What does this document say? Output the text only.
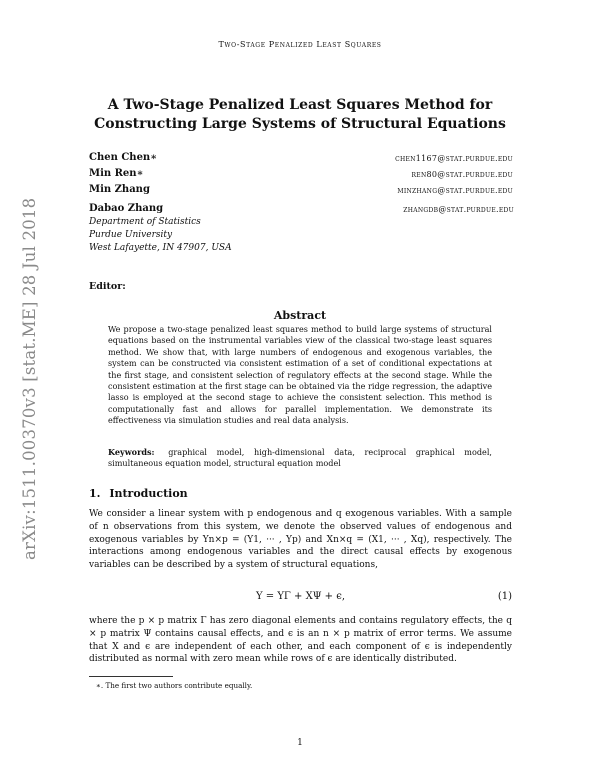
Two-Stage Penalized Least Squares
arXiv:1511.00370v3 [stat.ME] 28 Jul 2018
A Two-Stage Penalized Least Squares Method for
Constructing Large Systems of Structural Equations
Chen Chen∗	chen1167@stat.purdue.edu
Min Ren∗	ren80@stat.purdue.edu
Min Zhang	minzhang@stat.purdue.edu
Dabao Zhang	zhangdb@stat.purdue.edu
Department of Statistics
Purdue University
West Lafayette, IN 47907, USA
Editor:
Abstract
We propose a two-stage penalized least squares method to build large systems of structural equations based on the instrumental variables view of the classical two-stage least squares method. We show that, with large numbers of endogenous and exogenous variables, the system can be constructed via consistent estimation of a set of conditional expectations at the first stage, and consistent selection of regulatory effects at the second stage. While the consistent estimation at the first stage can be obtained via the ridge regression, the adaptive lasso is employed at the second stage to achieve the consistent selection. This method is computationally fast and allows for parallel implementation. We demonstrate its effectiveness via simulation studies and real data analysis.
Keywords: graphical model, high-dimensional data, reciprocal graphical model, simultaneous equation model, structural equation model
1. Introduction
We consider a linear system with p endogenous and q exogenous variables. With a sample of n observations from this system, we denote the observed values of endogenous and exogenous variables by Yn×p = (Y1, ··· , Yp) and Xn×q = (X1, ··· , Xq), respectively. The interactions among endogenous variables and the direct causal effects by exogenous variables can be described by a system of structural equations,
Y = YΓ + XΨ + ϵ,	(1)
where the p × p matrix Γ has zero diagonal elements and contains regulatory effects, the q × p matrix Ψ contains causal effects, and ϵ is an n × p matrix of error terms. We assume that X and ϵ are independent of each other, and each component of ϵ is independently distributed as normal with zero mean while rows of ϵ are identically distributed.
∗. The first two authors contribute equally.
1
